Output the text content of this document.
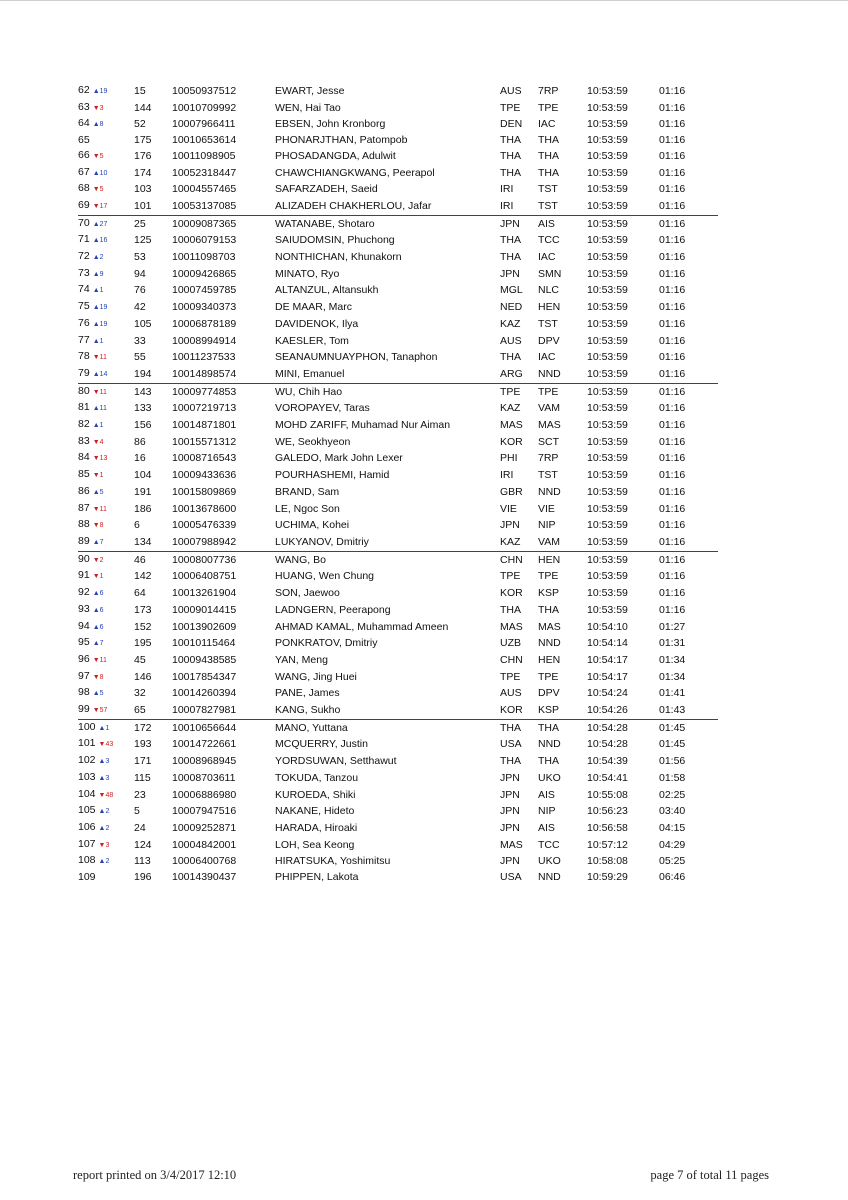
62 ▲19	15	10050937512	EWART, Jesse	AUS	7RP	10:53:59	01:16
63 ▼3	144	10010709992	WEN, Hai Tao	TPE	TPE	10:53:59	01:16
64 ▲8	52	10007966411	EBSEN, John Kronborg	DEN	IAC	10:53:59	01:16
65	175	10010653614	PHONARJTHAN, Patompob	THA	THA	10:53:59	01:16
66 ▼5	176	10011098905	PHOSADANGDA, Adulwit	THA	THA	10:53:59	01:16
67 ▲10	174	10052318447	CHAWCHIANGKWANG, Peerapol	THA	THA	10:53:59	01:16
68 ▼5	103	10004557465	SAFARZADEH, Saeid	IRI	TST	10:53:59	01:16
69 ▼17	101	10053137085	ALIZADEH CHAKHERLOU, Jafar	IRI	TST	10:53:59	01:16
70 ▲27	25	10009087365	WATANABE, Shotaro	JPN	AIS	10:53:59	01:16
71 ▲16	125	10006079153	SAIUDOMSIN, Phuchong	THA	TCC	10:53:59	01:16
72 ▲2	53	10011098703	NONTHICHAN, Khunakorn	THA	IAC	10:53:59	01:16
73 ▲9	94	10009426865	MINATO, Ryo	JPN	SMN	10:53:59	01:16
74 ▲1	76	10007459785	ALTANZUL, Altansukh	MGL	NLC	10:53:59	01:16
75 ▲19	42	10009340373	DE MAAR, Marc	NED	HEN	10:53:59	01:16
76 ▲19	105	10006878189	DAVIDENOK, Ilya	KAZ	TST	10:53:59	01:16
77 ▲1	33	10008994914	KAESLER, Tom	AUS	DPV	10:53:59	01:16
78 ▼11	55	10011237533	SEANAUMNUAYPHON, Tanaphon	THA	IAC	10:53:59	01:16
79 ▲14	194	10014898574	MINI, Emanuel	ARG	NND	10:53:59	01:16
80 ▼11	143	10009774853	WU, Chih Hao	TPE	TPE	10:53:59	01:16
81 ▲11	133	10007219713	VOROPAYEV, Taras	KAZ	VAM	10:53:59	01:16
82 ▲1	156	10014871801	MOHD ZARIFF, Muhamad Nur Aiman	MAS	MAS	10:53:59	01:16
83 ▼4	86	10015571312	WE, Seokhyeon	KOR	SCT	10:53:59	01:16
84 ▼13	16	10008716543	GALEDO, Mark John Lexer	PHI	7RP	10:53:59	01:16
85 ▼1	104	10009433636	POURHASHEMI, Hamid	IRI	TST	10:53:59	01:16
86 ▲5	191	10015809869	BRAND, Sam	GBR	NND	10:53:59	01:16
87 ▼11	186	10013678600	LE, Ngoc Son	VIE	VIE	10:53:59	01:16
88 ▼8	6	10005476339	UCHIMA, Kohei	JPN	NIP	10:53:59	01:16
89 ▲7	134	10007988942	LUKYANOV, Dmitriy	KAZ	VAM	10:53:59	01:16
90 ▼2	46	10008007736	WANG, Bo	CHN	HEN	10:53:59	01:16
91 ▼1	142	10006408751	HUANG, Wen Chung	TPE	TPE	10:53:59	01:16
92 ▲6	64	10013261904	SON, Jaewoo	KOR	KSP	10:53:59	01:16
93 ▲6	173	10009014415	LADNGERN, Peerapong	THA	THA	10:53:59	01:16
94 ▲6	152	10013902609	AHMAD KAMAL, Muhammad Ameen	MAS	MAS	10:54:10	01:27
95 ▲7	195	10010115464	PONKRATOV, Dmitriy	UZB	NND	10:54:14	01:31
96 ▼11	45	10009438585	YAN, Meng	CHN	HEN	10:54:17	01:34
97 ▼8	146	10017854347	WANG, Jing Huei	TPE	TPE	10:54:17	01:34
98 ▲5	32	10014260394	PANE, James	AUS	DPV	10:54:24	01:41
99 ▼57	65	10007827981	KANG, Sukho	KOR	KSP	10:54:26	01:43
100 ▲1	172	10010656644	MANO, Yuttana	THA	THA	10:54:28	01:45
101 ▼43	193	10014722661	MCQUERRY, Justin	USA	NND	10:54:28	01:45
102 ▲3	171	10008968945	YORDSUWAN, Setthawut	THA	THA	10:54:39	01:56
103 ▲3	115	10008703611	TOKUDA, Tanzou	JPN	UKO	10:54:41	01:58
104 ▼48	23	10006886980	KUROEDA, Shiki	JPN	AIS	10:55:08	02:25
105 ▲2	5	10007947516	NAKANE, Hideto	JPN	NIP	10:56:23	03:40
106 ▲2	24	10009252871	HARADA, Hiroaki	JPN	AIS	10:56:58	04:15
107 ▼3	124	10004842001	LOH, Sea Keong	MAS	TCC	10:57:12	04:29
108 ▲2	113	10006400768	HIRATSUKA, Yoshimitsu	JPN	UKO	10:58:08	05:25
109	196	10014390437	PHIPPEN, Lakota	USA	NND	10:59:29	06:46
report printed on 3/4/2017 12:10	page 7 of total 11 pages
